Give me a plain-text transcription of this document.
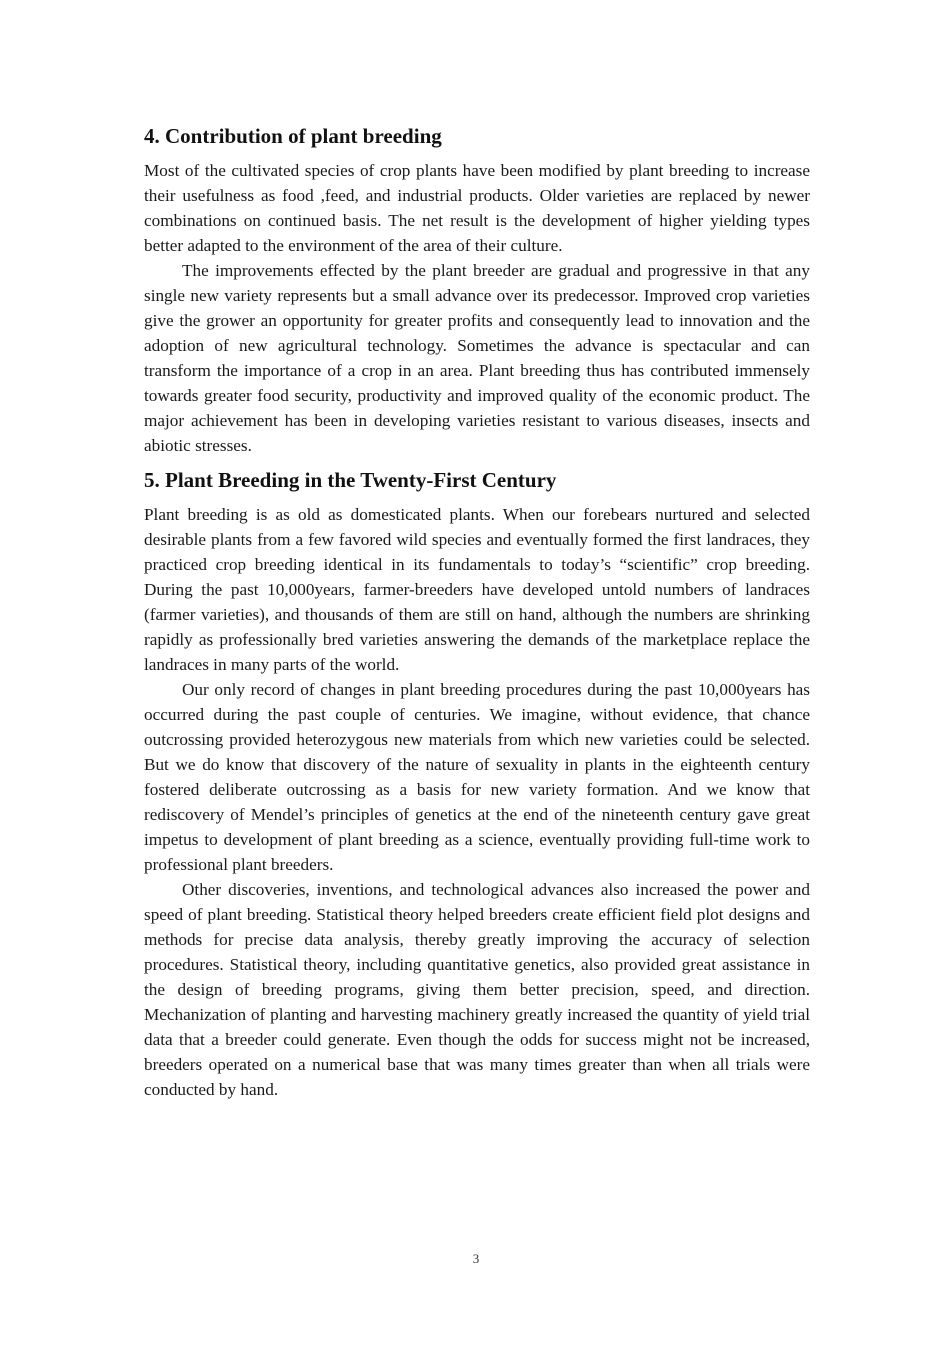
4. Contribution of plant breeding

Most of the cultivated species of crop plants have been modified by plant breeding to increase their usefulness as food ,feed, and industrial products. Older varieties are replaced by newer combinations on continued basis. The net result is the development of higher yielding types better adapted to the environment of the area of their culture.

The improvements effected by the plant breeder are gradual and progressive in that any single new variety represents but a small advance over its predecessor. Improved crop varieties give the grower an opportunity for greater profits and consequently lead to innovation and the adoption of new agricultural technology. Sometimes the advance is spectacular and can transform the importance of a crop in an area. Plant breeding thus has contributed immensely towards greater food security, productivity and improved quality of the economic product. The major achievement has been in developing varieties resistant to various diseases, insects and abiotic stresses.

5. Plant Breeding in the Twenty-First Century

Plant breeding is as old as domesticated plants. When our forebears nurtured and selected desirable plants from a few favored wild species and eventually formed the first landraces, they practiced crop breeding identical in its fundamentals to today’s “scientific” crop breeding. During the past 10,000years, farmer-breeders have developed untold numbers of landraces (farmer varieties), and thousands of them are still on hand, although the numbers are shrinking rapidly as professionally bred varieties answering the demands of the marketplace replace the landraces in many parts of the world.

Our only record of changes in plant breeding procedures during the past 10,000years has occurred during the past couple of centuries. We imagine, without evidence, that chance outcrossing provided heterozygous new materials from which new varieties could be selected. But we do know that discovery of the nature of sexuality in plants in the eighteenth century fostered deliberate outcrossing as a basis for new variety formation. And we know that rediscovery of Mendel’s principles of genetics at the end of the nineteenth century gave great impetus to development of plant breeding as a science, eventually providing full-time work to professional plant breeders.

Other discoveries, inventions, and technological advances also increased the power and speed of plant breeding. Statistical theory helped breeders create efficient field plot designs and methods for precise data analysis, thereby greatly improving the accuracy of selection procedures. Statistical theory, including quantitative genetics, also provided great assistance in the design of breeding programs, giving them better precision, speed, and direction. Mechanization of planting and harvesting machinery greatly increased the quantity of yield trial data that a breeder could generate. Even though the odds for success might not be increased, breeders operated on a numerical base that was many times greater than when all trials were conducted by hand.

3
